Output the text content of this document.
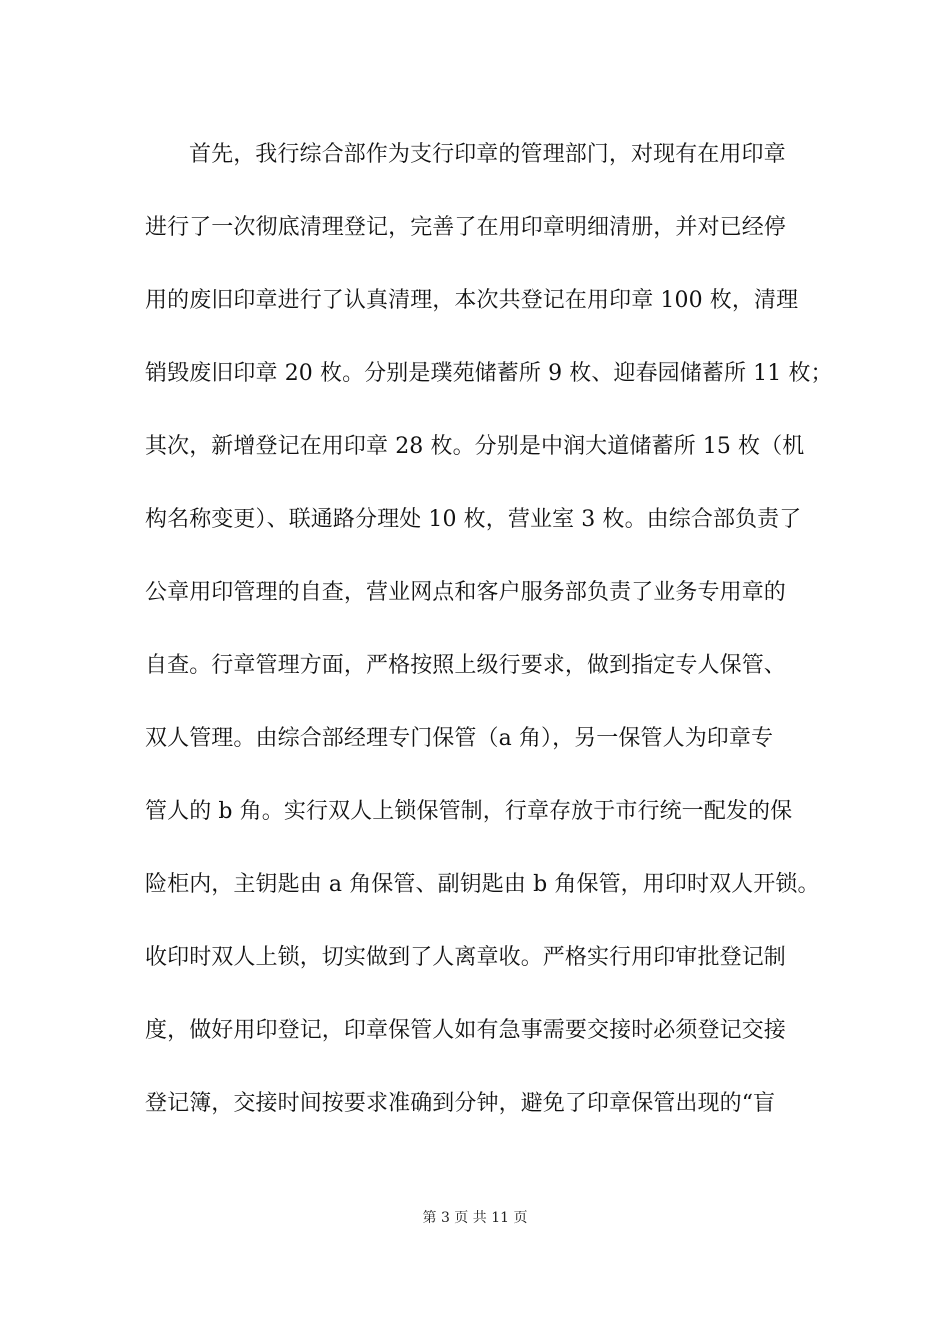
首先，我行综合部作为支行印章的管理部门，对现有在用印章
进行了一次彻底清理登记，完善了在用印章明细清册，并对已经停
用的废旧印章进行了认真清理，本次共登记在用印章 100 枚，清理
销毁废旧印章 20 枚。分别是璞苑储蓄所 9 枚、迎春园储蓄所 11 枚；
其次，新增登记在用印章 28 枚。分别是中润大道储蓄所 15 枚（机
构名称变更）、联通路分理处 10 枚，营业室 3 枚。由综合部负责了
公章用印管理的自查，营业网点和客户服务部负责了业务专用章的
自查。行章管理方面，严格按照上级行要求，做到指定专人保管、
双人管理。由综合部经理专门保管（a 角），另一保管人为印章专
管人的 b 角。实行双人上锁保管制，行章存放于市行统一配发的保
险柜内，主钥匙由 a 角保管、副钥匙由 b 角保管，用印时双人开锁。
收印时双人上锁，切实做到了人离章收。严格实行用印审批登记制
度，做好用印登记，印章保管人如有急事需要交接时必须登记交接
登记簿，交接时间按要求准确到分钟，避免了印章保管出现的“盲
第 3 页 共 11 页
